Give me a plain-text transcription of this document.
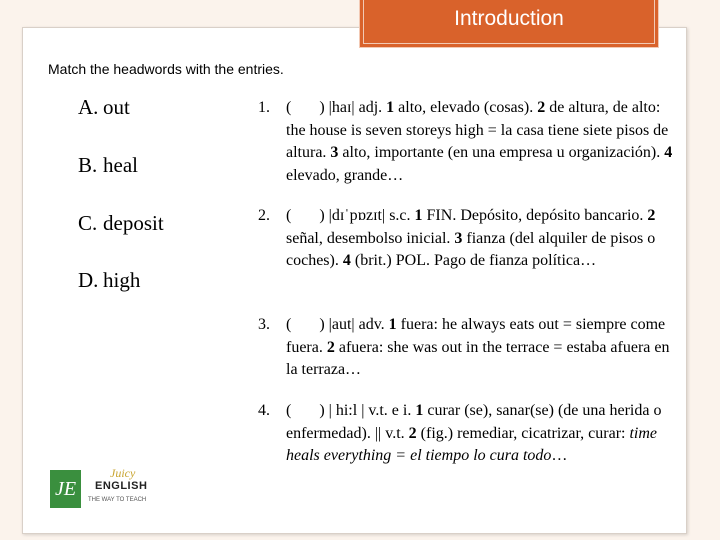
Introduction
Match the headwords with the entries.
A. out
B. heal
C. deposit
D. high
1. (       ) |haɪ| adj. 1 alto, elevado (cosas). 2 de altura, de alto: the house is seven storeys high = la casa tiene siete pisos de altura. 3 alto, importante (en una empresa u organización). 4 elevado, grande…
2. (       ) |dɪˈpɒzɪt| s.c. 1 FIN. Depósito, depósito bancario. 2 señal, desembolso inicial. 3 fianza (del alquiler de pisos o coches). 4 (brit.) POL. Pago de fianza política…
3. (       ) |aut| adv. 1 fuera: he always eats out = siempre come fuera. 2 afuera: she was out in the terrace = estaba afuera en la terraza…
4. (       ) | hi:l | v.t. e i. 1 curar (se), sanar(se) (de una herida o enfermedad). || v.t. 2 (fig.) remediar, cicatrizar, curar: time heals everything = el tiempo lo cura todo…
JE
Juicy
ENGLISH
THE WAY TO TEACH
